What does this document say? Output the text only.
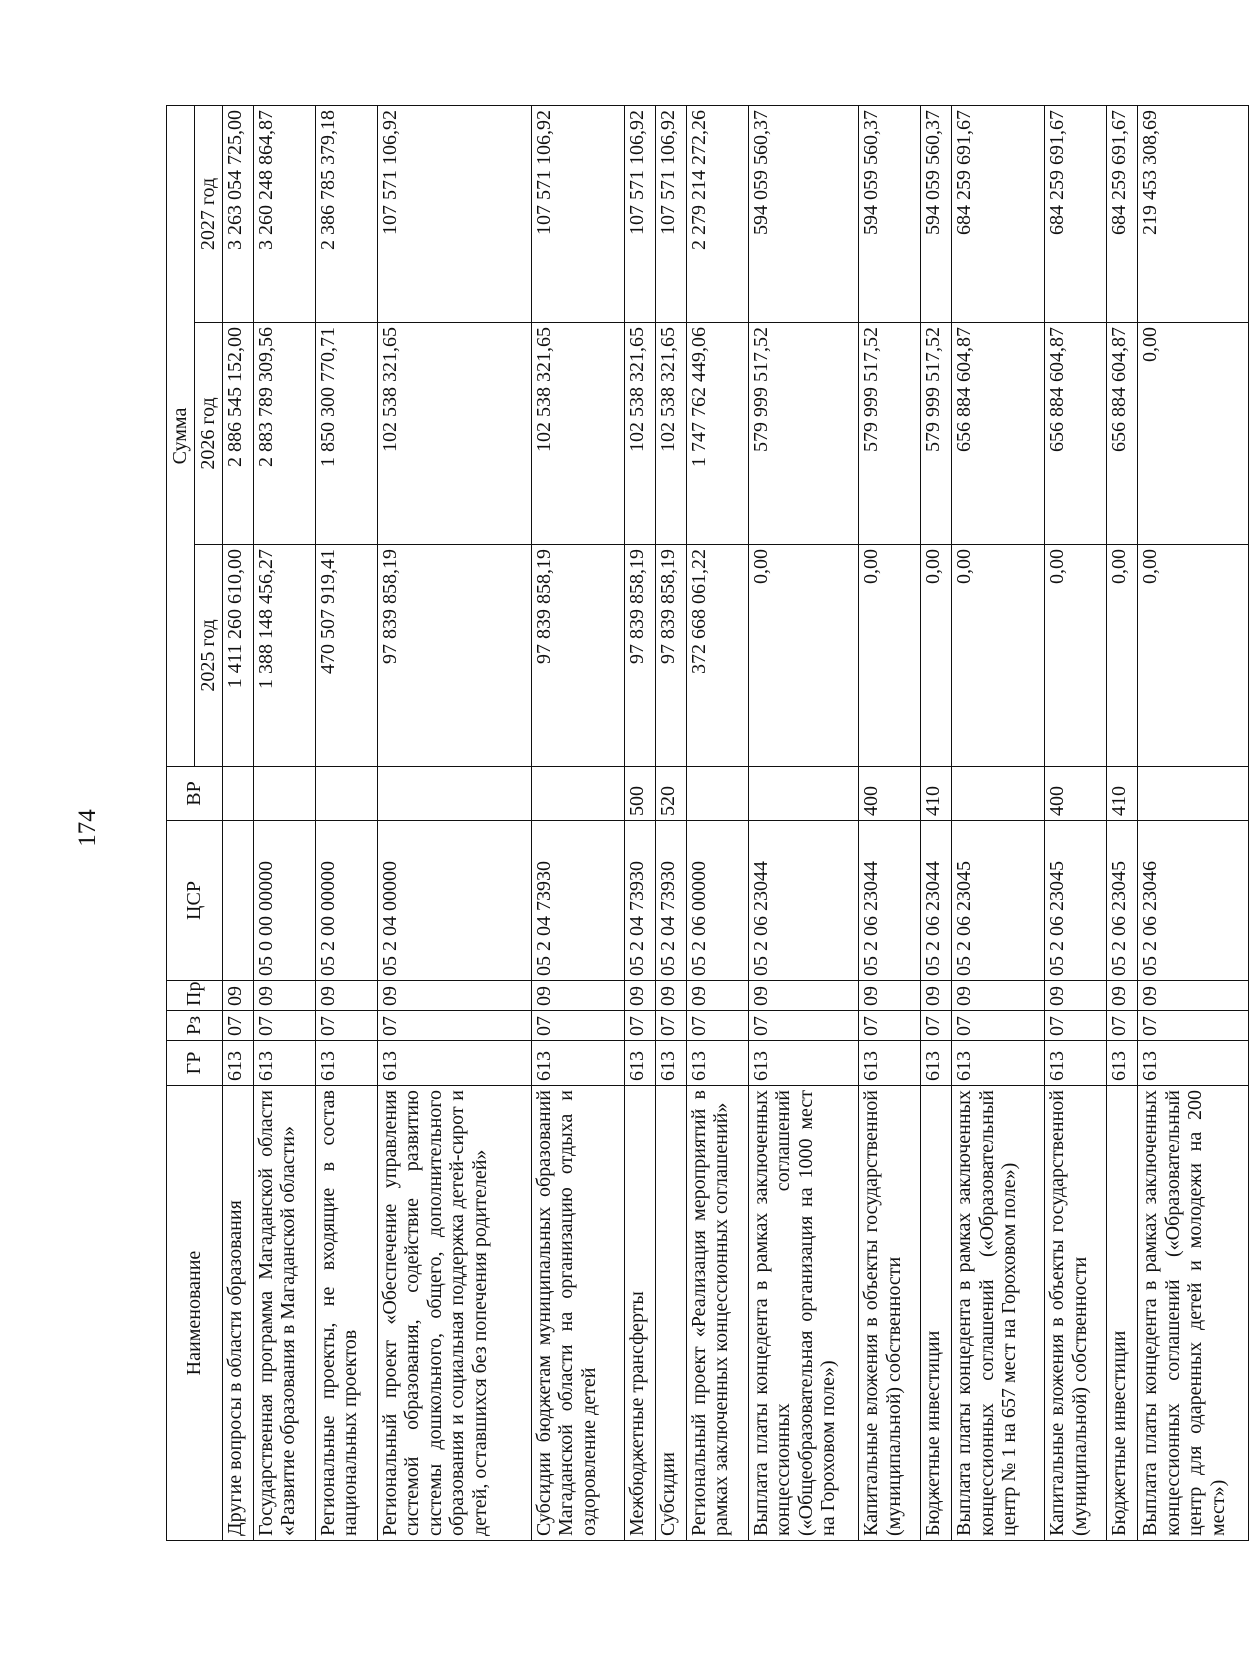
174
Наименование	ГР	Рз	Пр	ЦСР	ВР	Сумма		
						2025 год	2026 год	2027 год
Другие вопросы в области образования	613	07	09			1 411 260 610,00	2 886 545 152,00	3 263 054 725,00
Государственная программа Магаданской области «Развитие образования в Магаданской области»	613	07	09	05 0 00 00000		1 388 148 456,27	2 883 789 309,56	3 260 248 864,87
Региональные проекты, не входящие в состав национальных проектов	613	07	09	05 2 00 00000		470 507 919,41	1 850 300 770,71	2 386 785 379,18
Региональный проект «Обеспечение управления системой образования, содействие развитию системы дошкольного, общего, дополнительного образования и социальная поддержка детей-сирот и детей, оставшихся без попечения родителей»	613	07	09	05 2 04 00000		97 839 858,19	102 538 321,65	107 571 106,92
Субсидии бюджетам муниципальных образований Магаданской области на организацию отдыха и оздоровление детей	613	07	09	05 2 04 73930		97 839 858,19	102 538 321,65	107 571 106,92
Межбюджетные трансферты	613	07	09	05 2 04 73930	500	97 839 858,19	102 538 321,65	107 571 106,92
Субсидии	613	07	09	05 2 04 73930	520	97 839 858,19	102 538 321,65	107 571 106,92
Региональный проект «Реализация мероприятий в рамках заключенных концессионных соглашений»	613	07	09	05 2 06 00000		372 668 061,22	1 747 762 449,06	2 279 214 272,26
Выплата платы концедента в рамках заключенных концессионных соглашений («Общеобразовательная организация на 1000 мест на Гороховом поле»)	613	07	09	05 2 06 23044		0,00	579 999 517,52	594 059 560,37
Капитальные вложения в объекты государственной (муниципальной) собственности	613	07	09	05 2 06 23044	400	0,00	579 999 517,52	594 059 560,37
Бюджетные инвестиции	613	07	09	05 2 06 23044	410	0,00	579 999 517,52	594 059 560,37
Выплата платы концедента в рамках заключенных концессионных соглашений («Образовательный центр № 1 на 657 мест на Гороховом поле»)	613	07	09	05 2 06 23045		0,00	656 884 604,87	684 259 691,67
Капитальные вложения в объекты государственной (муниципальной) собственности	613	07	09	05 2 06 23045	400	0,00	656 884 604,87	684 259 691,67
Бюджетные инвестиции	613	07	09	05 2 06 23045	410	0,00	656 884 604,87	684 259 691,67
Выплата платы концедента в рамках заключенных концессионных соглашений («Образовательный центр для одаренных детей и молодежи на 200 мест»)	613	07	09	05 2 06 23046		0,00	0,00	219 453 308,69
